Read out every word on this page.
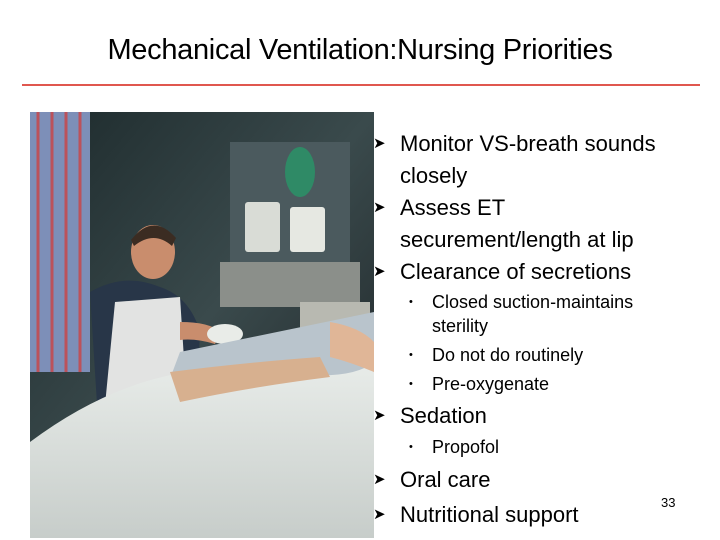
Mechanical Ventilation:Nursing Priorities
➤ Monitor VS-breath sounds
closely
➤ Assess ET
securement/length at lip
➤ Clearance of secretions
• Closed suction-maintains
sterility
• Do not do routinely
• Pre-oxygenate
➤ Sedation
• Propofol
➤ Oral care
➤ Nutritional support	33
